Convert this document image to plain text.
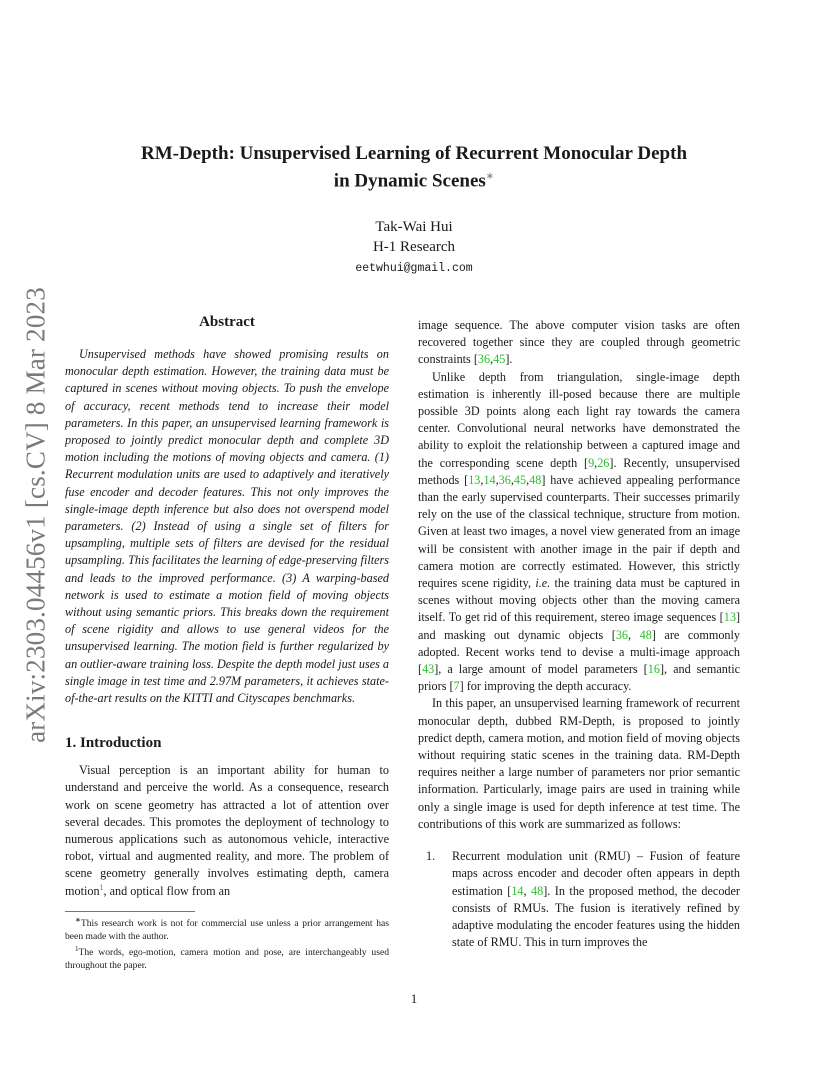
arXiv:2303.04456v1 [cs.CV] 8 Mar 2023
RM-Depth: Unsupervised Learning of Recurrent Monocular Depth
in Dynamic Scenes∗
Tak-Wai Hui
H-1 Research
eetwhui@gmail.com
Abstract

Unsupervised methods have showed promising results on monocular depth estimation. However, the training data must be captured in scenes without moving objects. To push the envelope of accuracy, recent methods tend to increase their model parameters. In this paper, an unsupervised learning framework is proposed to jointly predict monocular depth and complete 3D motion including the motions of moving objects and camera. (1) Recurrent modulation units are used to adaptively and iteratively fuse encoder and decoder features. This not only improves the single-image depth inference but also does not overspend model parameters. (2) Instead of using a single set of filters for upsampling, multiple sets of filters are devised for the residual upsampling. This facilitates the learning of edge-preserving filters and leads to the improved performance. (3) A warping-based network is used to estimate a motion field of moving objects without using semantic priors. This breaks down the requirement of scene rigidity and allows to use general videos for the unsupervised learning. The motion field is further regularized by an outlier-aware training loss. Despite the depth model just uses a single image in test time and 2.97M parameters, it achieves state-of-the-art results on the KITTI and Cityscapes benchmarks.

1. Introduction

Visual perception is an important ability for human to understand and perceive the world. As a consequence, research work on scene geometry has attracted a lot of attention over several decades. This promotes the deployment of technology to numerous applications such as autonomous vehicle, interactive robot, virtual and augmented reality, and more. The problem of scene geometry generally involves estimating depth, camera motion$^1$, and optical flow from an

image sequence. The above computer vision tasks are often recovered together since they are coupled through geometric constraints [36,45].

Unlike depth from triangulation, single-image depth estimation is inherently ill-posed because there are multiple possible 3D points along each light ray towards the camera center. Convolutional neural networks have demonstrated the ability to exploit the relationship between a captured image and the corresponding scene depth [9,26]. Recently, unsupervised methods [13,14,36,45,48] have achieved appealing performance than the early supervised counterparts. Their successes primarily rely on the use of the classical technique, structure from motion. Given at least two images, a novel view generated from an image will be consistent with another image in the pair if depth and camera motion are correctly estimated. However, this strictly requires scene rigidity, i.e. the training data must be captured in scenes without moving objects other than the moving camera itself. To get rid of this requirement, stereo image sequences [13] and masking out dynamic objects [36, 48] are commonly adopted. Recent works tend to devise a multi-image approach [43], a large amount of model parameters [16], and semantic priors [7] for improving the depth accuracy.

In this paper, an unsupervised learning framework of recurrent monocular depth, dubbed RM-Depth, is proposed to jointly predict depth, camera motion, and motion field of moving objects without requiring static scenes in the training data. RM-Depth requires neither a large number of parameters nor prior semantic information. Particularly, image pairs are used in training while only a single image is used for depth inference at test time. The contributions of this work are summarized as follows:

1.	Recurrent modulation unit (RMU) – Fusion of feature maps across encoder and decoder often appears in depth estimation [14, 48]. In the proposed method, the decoder consists of RMUs. The fusion is iteratively refined by adaptive modulating the encoder features using the hidden state of RMU. This in turn improves the

∗This research work is not for commercial use unless a prior arrangement has been made with the author.

$^1$The words, ego-motion, camera motion and pose, are interchangeably used throughout the paper.

1
